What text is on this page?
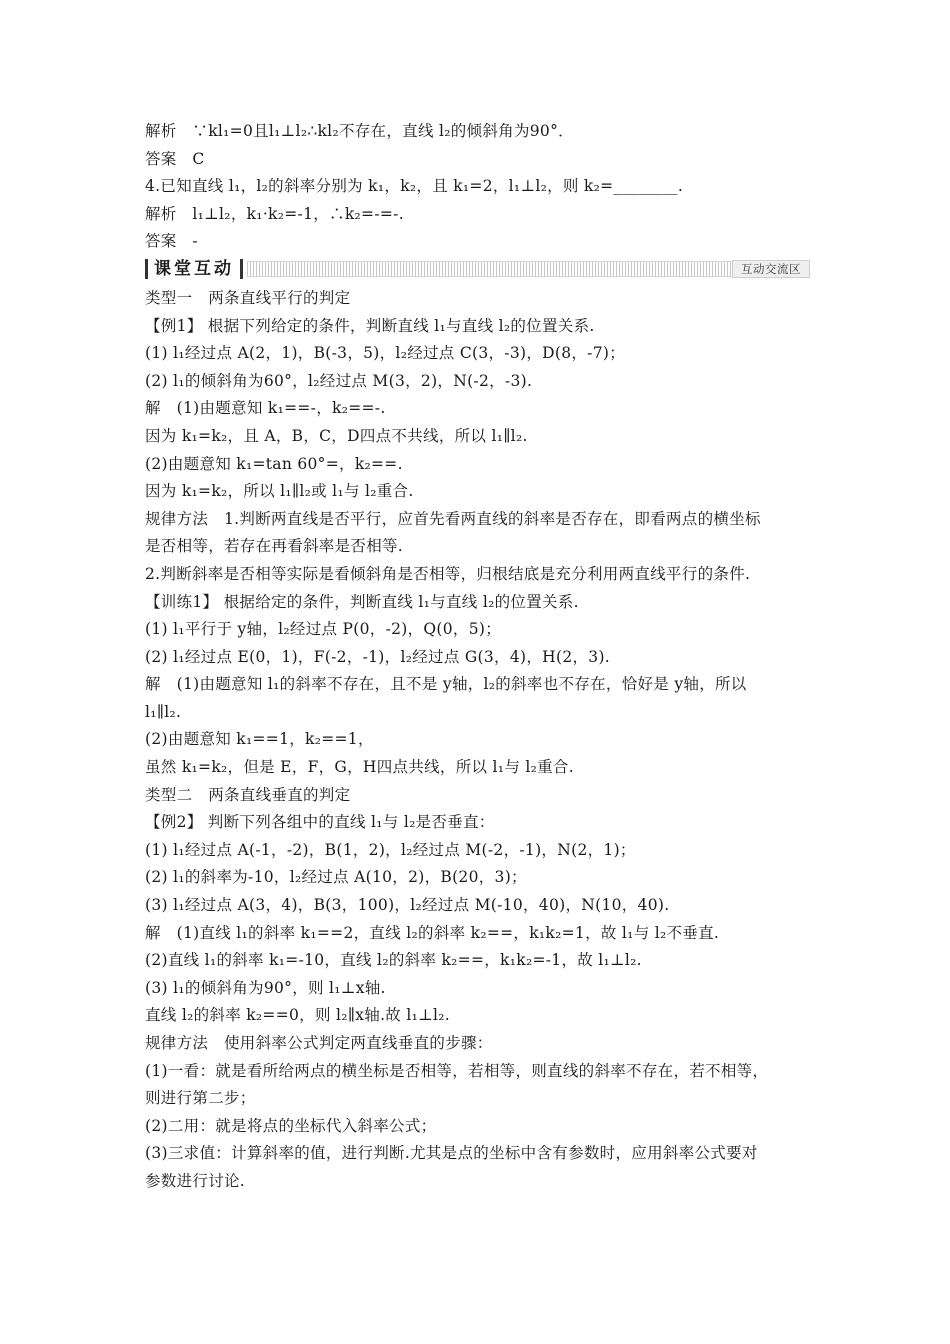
解析　∵kl₁=0且l₁⊥l₂∴kl₂不存在，直线 l₂的倾斜角为90°．
答案　C
4.已知直线 l₁，l₂的斜率分别为 k₁，k₂，且 k₁=2，l₁⊥l₂，则 k₂=________.
解析　l₁⊥l₂，k₁·k₂=-1，∴k₂=-=-.
答案　-
课堂互动	互动交流区
类型一　两条直线平行的判定
【例1】 根据下列给定的条件，判断直线 l₁与直线 l₂的位置关系.
(1) l₁经过点 A(2，1)，B(-3，5)，l₂经过点 C(3，-3)，D(8，-7)；
(2) l₁的倾斜角为60°，l₂经过点 M(3，2)，N(-2，-3).
解　(1)由题意知 k₁==-，k₂==-.
因为 k₁=k₂，且 A，B，C，D四点不共线，所以 l₁∥l₂.
(2)由题意知 k₁=tan 60°=，k₂==.
因为 k₁=k₂，所以 l₁∥l₂或 l₁与 l₂重合.
规律方法　1.判断两直线是否平行，应首先看两直线的斜率是否存在，即看两点的横坐标
是否相等，若存在再看斜率是否相等.
2.判断斜率是否相等实际是看倾斜角是否相等，归根结底是充分利用两直线平行的条件.
【训练1】 根据给定的条件，判断直线 l₁与直线 l₂的位置关系.
(1) l₁平行于 y轴，l₂经过点 P(0，-2)，Q(0，5)；
(2) l₁经过点 E(0，1)，F(-2，-1)，l₂经过点 G(3，4)，H(2，3).
解　(1)由题意知 l₁的斜率不存在，且不是 y轴，l₂的斜率也不存在，恰好是 y轴，所以
l₁∥l₂.
(2)由题意知 k₁==1，k₂==1，
虽然 k₁=k₂，但是 E，F，G，H四点共线，所以 l₁与 l₂重合.
类型二　两条直线垂直的判定
【例2】 判断下列各组中的直线 l₁与 l₂是否垂直：
(1) l₁经过点 A(-1，-2)，B(1，2)，l₂经过点 M(-2，-1)，N(2，1)；
(2) l₁的斜率为-10，l₂经过点 A(10，2)，B(20，3)；
(3) l₁经过点 A(3，4)，B(3，100)，l₂经过点 M(-10，40)，N(10，40).
解　(1)直线 l₁的斜率 k₁==2，直线 l₂的斜率 k₂==，k₁k₂=1，故 l₁与 l₂不垂直.
(2)直线 l₁的斜率 k₁=-10，直线 l₂的斜率 k₂==，k₁k₂=-1，故 l₁⊥l₂.
(3) l₁的倾斜角为90°，则 l₁⊥x轴.
直线 l₂的斜率 k₂==0，则 l₂∥x轴.故 l₁⊥l₂.
规律方法　使用斜率公式判定两直线垂直的步骤：
(1)一看：就是看所给两点的横坐标是否相等，若相等，则直线的斜率不存在，若不相等，
则进行第二步；
(2)二用：就是将点的坐标代入斜率公式；
(3)三求值：计算斜率的值，进行判断.尤其是点的坐标中含有参数时，应用斜率公式要对
参数进行讨论.
